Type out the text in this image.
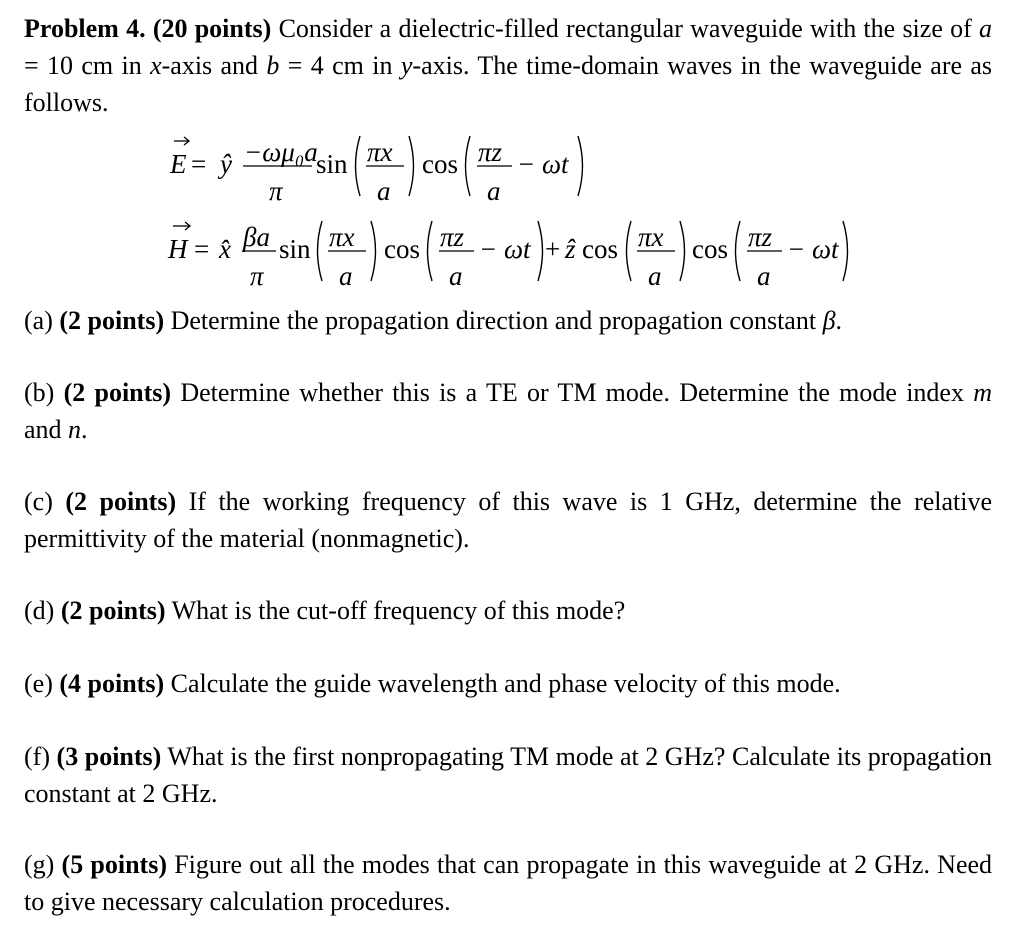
Problem 4. (20 points) Consider a dielectric-filled rectangular waveguide with the size of a = 10 cm in x-axis and b = 4 cm in y-axis. The time-domain waves in the waveguide are as follows.
E = ŷ −ωμ₀a
π
sin πx
a
cos πz
a
− ωt
H = x̂ βa
π
sin πx
a
cos πz
a
− ωt + ẑ cos πx
a
cos πz
a
− ωt
(a) (2 points) Determine the propagation direction and propagation constant β.
(b) (2 points) Determine whether this is a TE or TM mode. Determine the mode index m and n.
(c) (2 points) If the working frequency of this wave is 1 GHz, determine the relative permittivity of the material (nonmagnetic).
(d) (2 points) What is the cut-off frequency of this mode?
(e) (4 points) Calculate the guide wavelength and phase velocity of this mode.
(f) (3 points) What is the first nonpropagating TM mode at 2 GHz? Calculate its propagation constant at 2 GHz.
(g) (5 points) Figure out all the modes that can propagate in this waveguide at 2 GHz. Need to give necessary calculation procedures.
